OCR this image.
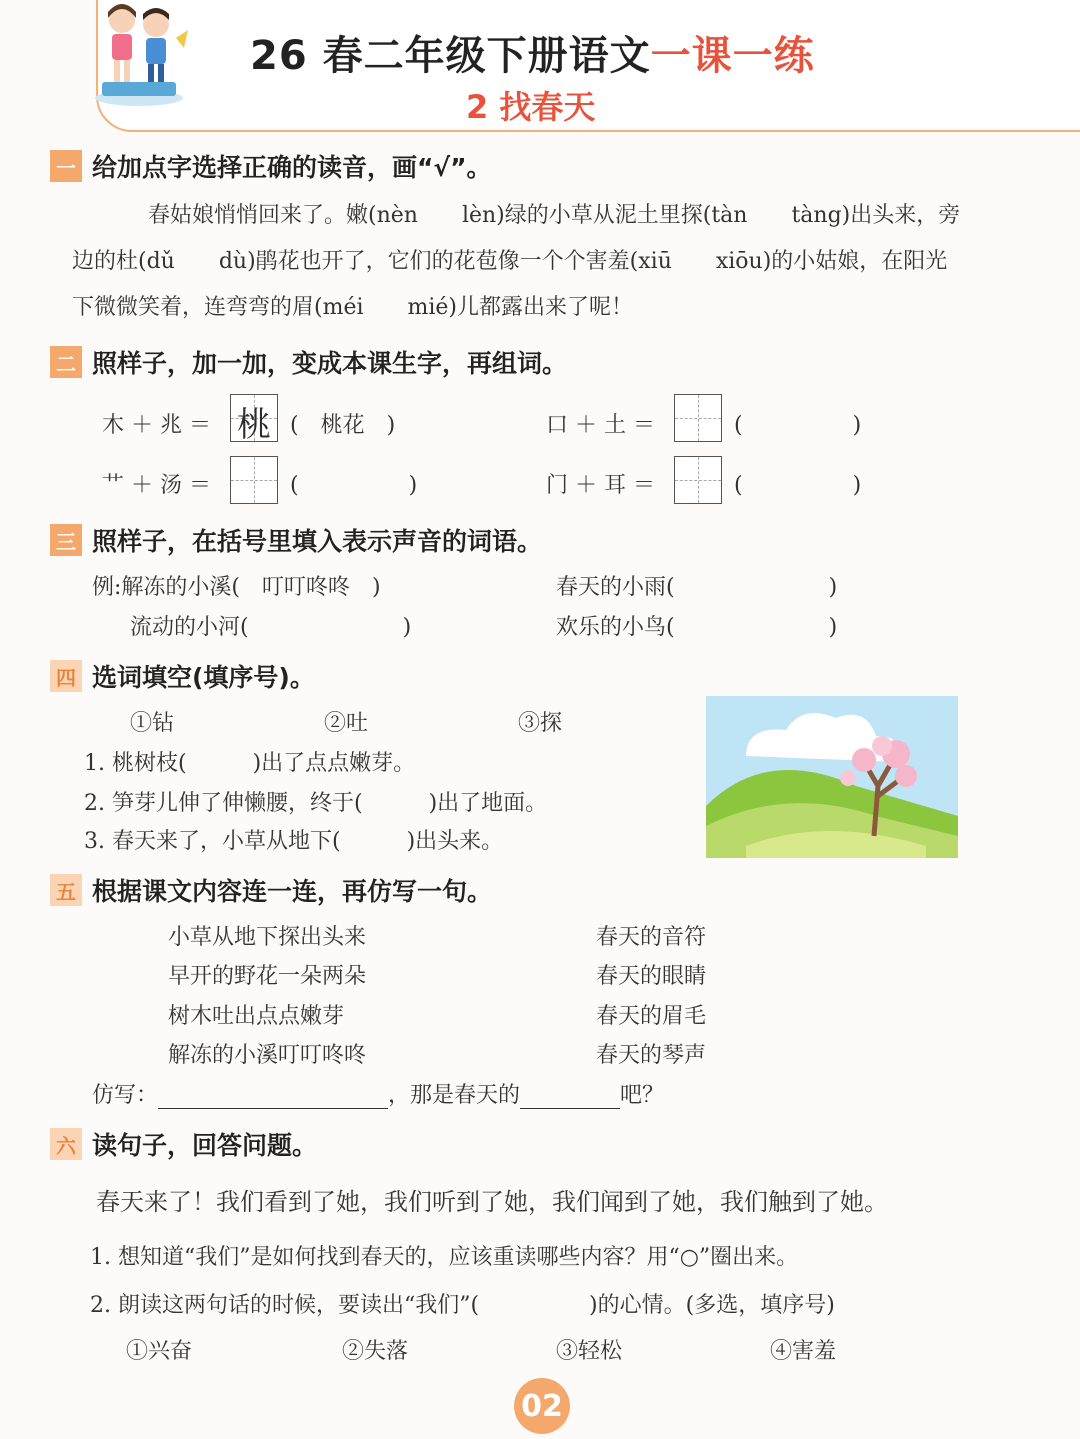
26 春二年级下册语文一课一练
2 找春天
一 给加点字选择正确的读音，画“√”。
春姑娘悄悄回来了。嫩(nèn　　lèn)绿的小草从泥土里探(tàn　　tàng)出头来，旁
边的杜(dǔ　　dù)鹃花也开了，它们的花苞像一个个害羞(xiū　　xiōu)的小姑娘，在阳光
下微微笑着，连弯弯的眉(méi　　mié)儿都露出来了呢！
二 照样子，加一加，变成本课生字，再组词。
木 ＋ 兆 ＝ 桃 (　桃花　)	口 ＋ 土 ＝	(　　　　　)
艹 ＋ 汤 ＝	(　　　　　)	门 ＋ 耳 ＝	(　　　　　)
三 照样子，在括号里填入表示声音的词语。
例:解冻的小溪(　叮叮咚咚　)	春天的小雨(　　　　　　　)
流动的小河(　　　　　　　)	欢乐的小鸟(　　　　　　　)
四 选词填空(填序号)。
①钻	②吐	③探
1. 桃树枝(　　　)出了点点嫩芽。
2. 笋芽儿伸了伸懒腰，终于(　　　)出了地面。
3. 春天来了，小草从地下(　　　)出头来。
五 根据课文内容连一连，再仿写一句。
小草从地下探出头来
早开的野花一朵两朵
树木吐出点点嫩芽
解冻的小溪叮叮咚咚
春天的音符
春天的眼睛
春天的眉毛
春天的琴声
仿写：	，那是春天的	吧？
六 读句子，回答问题。
春天来了！我们看到了她，我们听到了她，我们闻到了她，我们触到了她。
1. 想知道“我们”是如何找到春天的，应该重读哪些内容？用“○”圈出来。
2. 朗读这两句话的时候，要读出“我们”(　　　　　)的心情。(多选，填序号)
①兴奋	②失落	③轻松	④害羞
02
